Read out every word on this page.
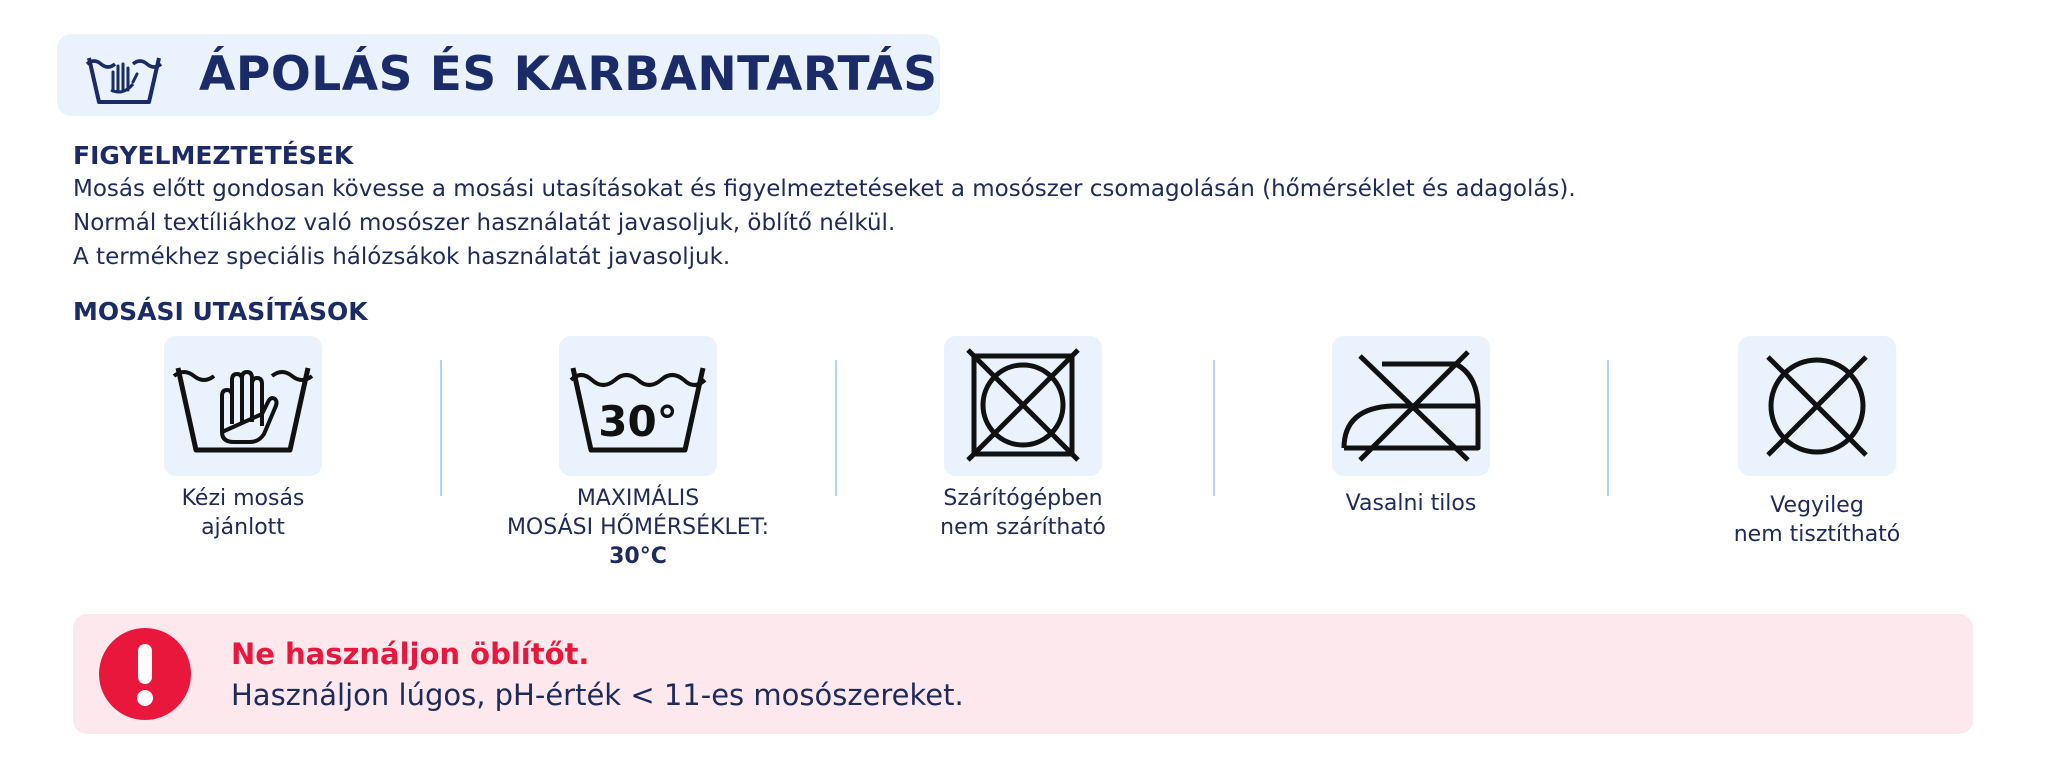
ÁPOLÁS ÉS KARBANTARTÁS
FIGYELMEZTETÉSEK
Mosás előtt gondosan kövesse a mosási utasításokat és figyelmeztetéseket a mosószer csomagolásán (hőmérséklet és adagolás).
Normál textíliákhoz való mosószer használatát javasoljuk, öblítő nélkül.
A termékhez speciális hálózsákok használatát javasoljuk.
MOSÁSI UTASÍTÁSOK
Kézi mosás
ajánlott
30°
MAXIMÁLIS
MOSÁSI HŐMÉRSÉKLET:
30°C
Szárítógépben
nem szárítható
Vasalni tilos	Vegyileg
nem tisztítható
Ne használjon öblítőt.
Használjon lúgos, pH-érték < 11-es mosószereket.
